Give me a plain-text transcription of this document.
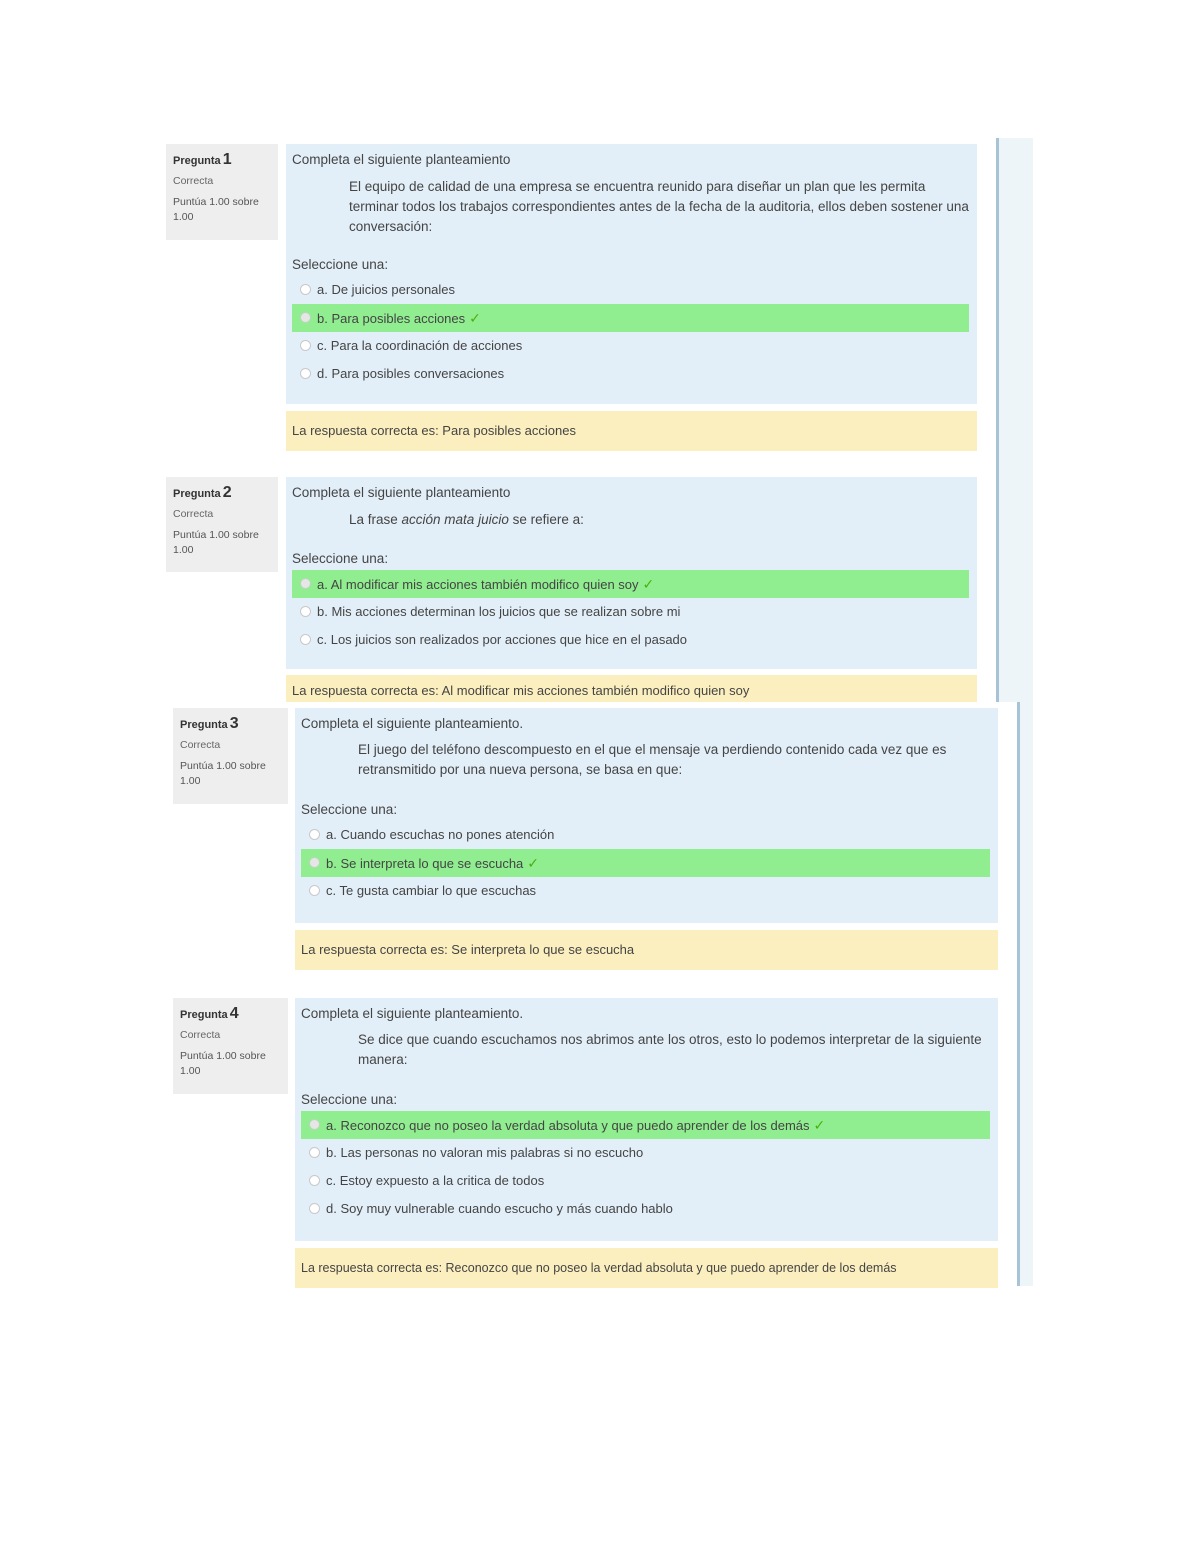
Pregunta 1
Correcta
Puntúa 1.00 sobre 1.00
Completa el siguiente planteamiento
El equipo de calidad de una empresa se encuentra reunido para diseñar un plan que les permita terminar todos los trabajos correspondientes antes de la fecha de la auditoria, ellos deben sostener una conversación:
Seleccione una:
a. De juicios personales
b. Para posibles acciones ✓
c. Para la coordinación de acciones
d. Para posibles conversaciones
La respuesta correcta es: Para posibles acciones
Pregunta 2
Correcta
Puntúa 1.00 sobre 1.00
Completa el siguiente planteamiento
La frase acción mata juicio se refiere a:
Seleccione una:
a. Al modificar mis acciones también modifico quien soy ✓
b. Mis acciones determinan los juicios que se realizan sobre mi
c. Los juicios son realizados por acciones que hice en el pasado
La respuesta correcta es: Al modificar mis acciones también modifico quien soy
Pregunta 3
Correcta
Puntúa 1.00 sobre 1.00
Completa el siguiente planteamiento.
El juego del teléfono descompuesto en el que el mensaje va perdiendo contenido cada vez que es retransmitido por una nueva persona, se basa en que:
Seleccione una:
a. Cuando escuchas no pones atención
b. Se interpreta lo que se escucha ✓
c. Te gusta cambiar lo que escuchas
La respuesta correcta es: Se interpreta lo que se escucha
Pregunta 4
Correcta
Puntúa 1.00 sobre 1.00
Completa el siguiente planteamiento.
Se dice que cuando escuchamos nos abrimos ante los otros, esto lo podemos interpretar de la siguiente manera:
Seleccione una:
a. Reconozco que no poseo la verdad absoluta y que puedo aprender de los demás ✓
b. Las personas no valoran mis palabras si no escucho
c. Estoy expuesto a la critica de todos
d. Soy muy vulnerable cuando escucho y más cuando hablo
La respuesta correcta es: Reconozco que no poseo la verdad absoluta y que puedo aprender de los demás
